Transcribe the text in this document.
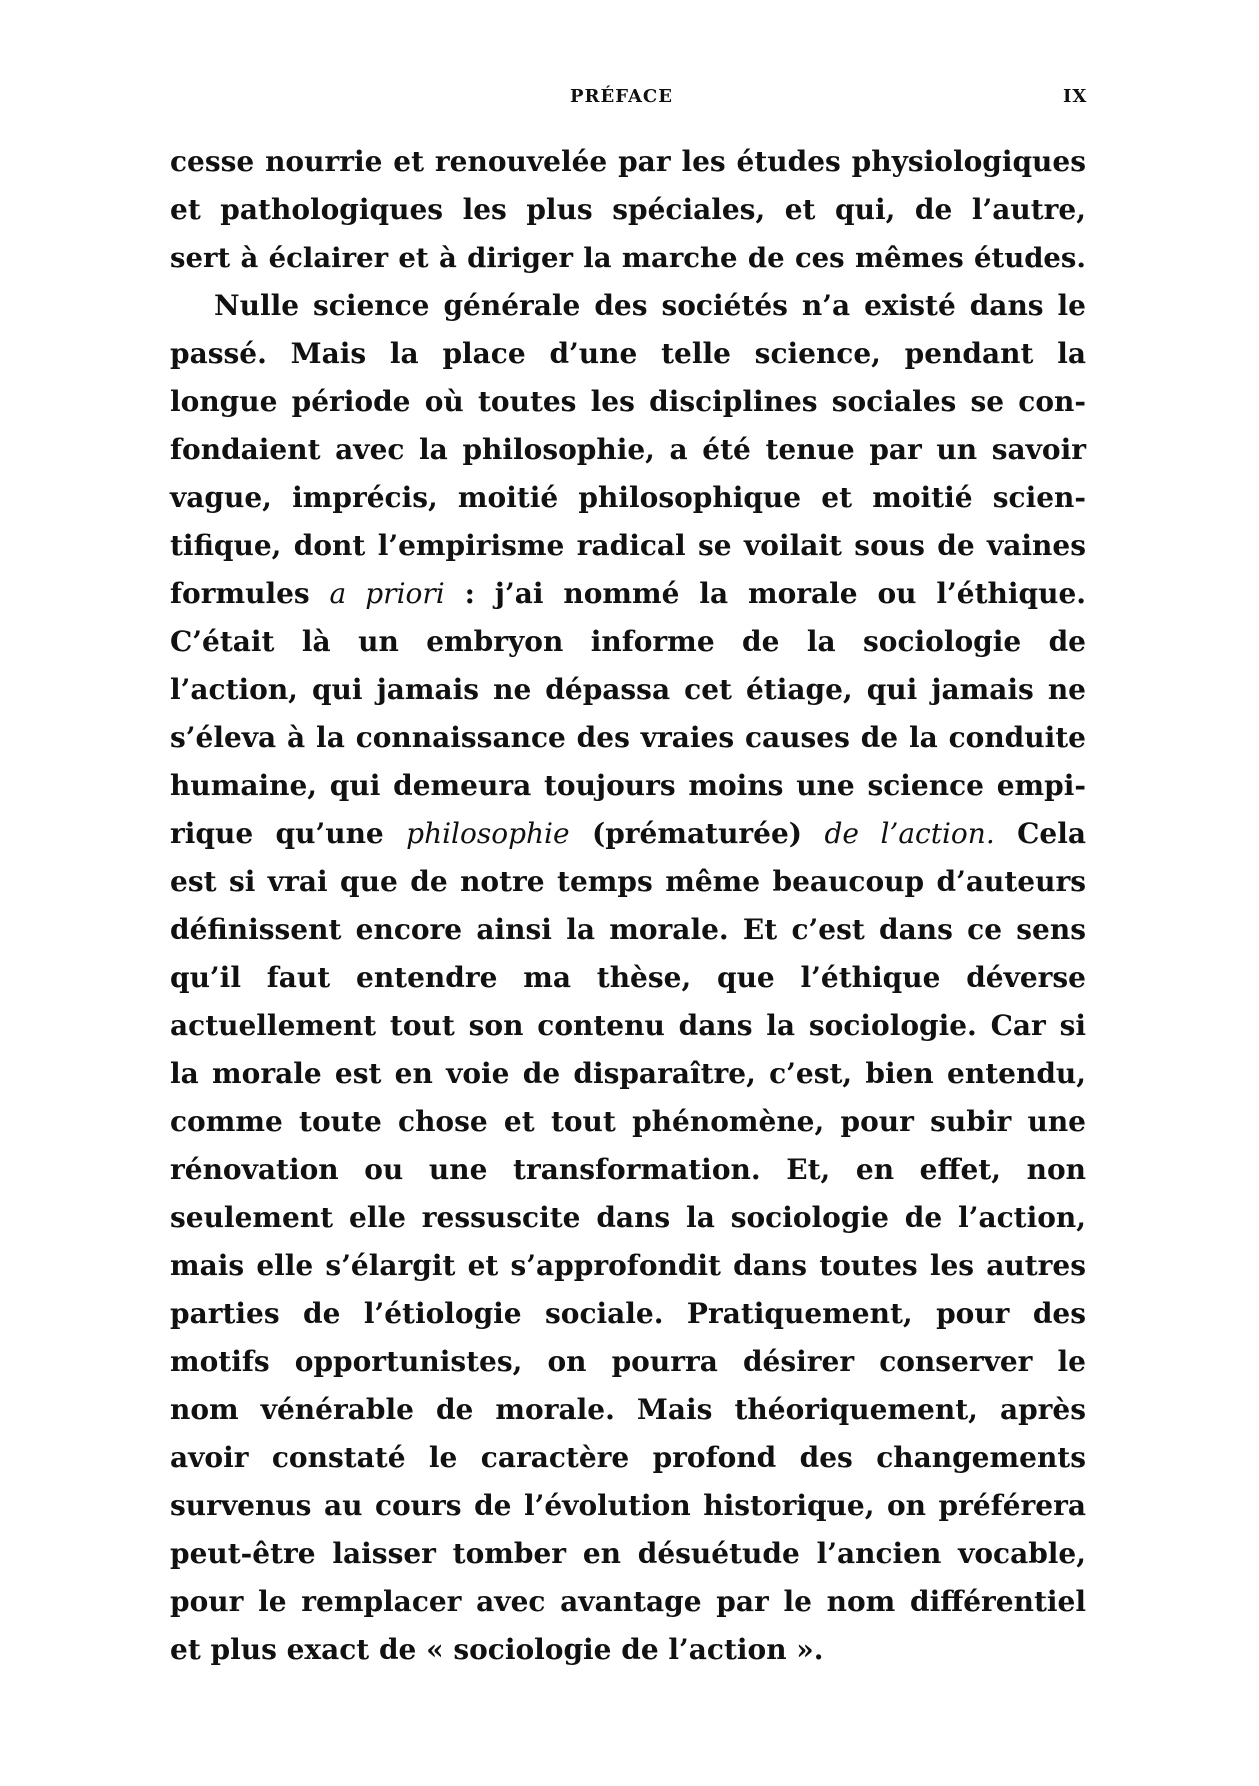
PRÉFACE	IX
cesse nourrie et renouvelée par les études physiologiques
et pathologiques les plus spéciales, et qui, de l’autre,
sert à éclairer et à diriger la marche de ces mêmes études.
Nulle science générale des sociétés n’a existé dans le
passé. Mais la place d’une telle science, pendant la
longue période où toutes les disciplines sociales se con-
fondaient avec la philosophie, a été tenue par un savoir
vague, imprécis, moitié philosophique et moitié scien-
tifique, dont l’empirisme radical se voilait sous de vaines
formules a priori : j’ai nommé la morale ou l’éthique.
C’était là un embryon informe de la sociologie de
l’action, qui jamais ne dépassa cet étiage, qui jamais ne
s’éleva à la connaissance des vraies causes de la conduite
humaine, qui demeura toujours moins une science empi-
rique qu’une philosophie (prématurée) de l’action. Cela
est si vrai que de notre temps même beaucoup d’auteurs
définissent encore ainsi la morale. Et c’est dans ce sens
qu’il faut entendre ma thèse, que l’éthique déverse
actuellement tout son contenu dans la sociologie. Car si
la morale est en voie de disparaître, c’est, bien entendu,
comme toute chose et tout phénomène, pour subir une
rénovation ou une transformation. Et, en effet, non
seulement elle ressuscite dans la sociologie de l’action,
mais elle s’élargit et s’approfondit dans toutes les autres
parties de l’étiologie sociale. Pratiquement, pour des
motifs opportunistes, on pourra désirer conserver le
nom vénérable de morale. Mais théoriquement, après
avoir constaté le caractère profond des changements
survenus au cours de l’évolution historique, on préférera
peut-être laisser tomber en désuétude l’ancien vocable,
pour le remplacer avec avantage par le nom différentiel
et plus exact de « sociologie de l’action ».
